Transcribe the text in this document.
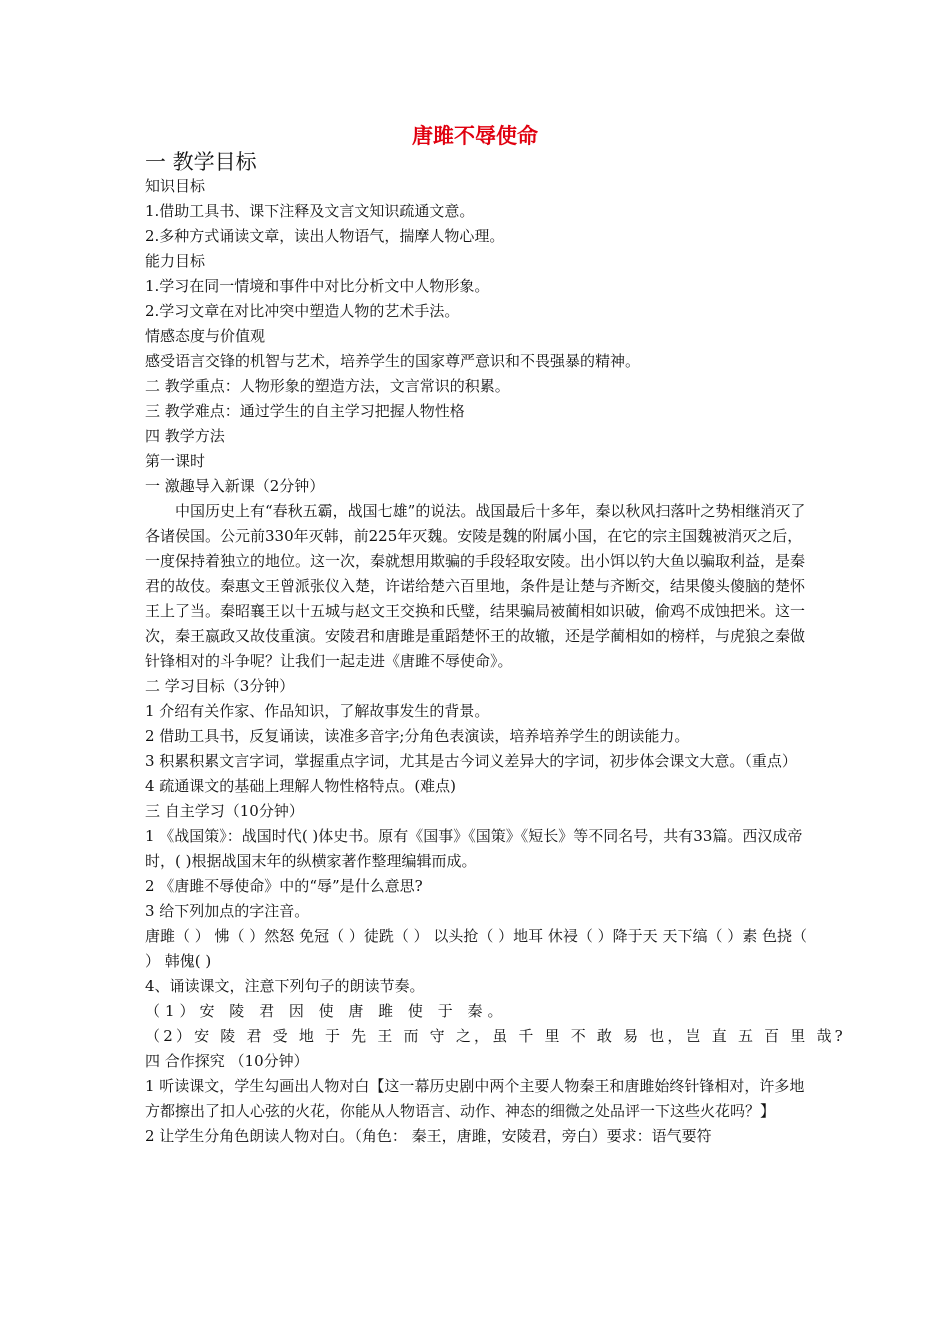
唐雎不辱使命
一 教学目标

知识目标

1.借助工具书、课下注释及文言文知识疏通文意。

2.多种方式诵读文章，读出人物语气，揣摩人物心理。

能力目标

1.学习在同一情境和事件中对比分析文中人物形象。

2.学习文章在对比冲突中塑造人物的艺术手法。

情感态度与价值观

感受语言交锋的机智与艺术，培养学生的国家尊严意识和不畏强暴的精神。

二 教学重点：人物形象的塑造方法，文言常识的积累。

三 教学难点：通过学生的自主学习把握人物性格

四 教学方法

第一课时

一 激趣导入新课（2分钟）

中国历史上有“春秋五霸，战国七雄”的说法。战国最后十多年，秦以秋风扫落叶之势相继消灭了各诸侯国。公元前330年灭韩，前225年灭魏。安陵是魏的附属小国，在它的宗主国魏被消灭之后，一度保持着独立的地位。这一次，秦就想用欺骗的手段轻取安陵。出小饵以钓大鱼以骗取利益，是秦君的故伎。秦惠文王曾派张仪入楚，许诺给楚六百里地，条件是让楚与齐断交，结果傻头傻脑的楚怀王上了当。秦昭襄王以十五城与赵文王交换和氏璧，结果骗局被蔺相如识破，偷鸡不成蚀把米。这一次，秦王嬴政又故伎重演。安陵君和唐雎是重蹈楚怀王的故辙，还是学蔺相如的榜样，与虎狼之秦做针锋相对的斗争呢？让我们一起走进《唐雎不辱使命》。

二 学习目标（3分钟）

1 介绍有关作家、作品知识，了解故事发生的背景。

2 借助工具书，反复诵读，读准多音字;分角色表演读，培养培养学生的朗读能力。

3 积累积累文言字词，掌握重点字词，尤其是古今词义差异大的字词，初步体会课文大意。（重点）

4 疏通课文的基础上理解人物性格特点。(难点)

三 自主学习（10分钟）

1 《战国策》：战国时代( )体史书。原有《国事》《国策》《短长》等不同名号，共有33篇。西汉成帝时，( )根据战国末年的纵横家著作整理编辑而成。

2 《唐雎不辱使命》中的“辱”是什么意思?

3 给下列加点的字注音。

唐雎（ ） 怫（ ）然怒 免冠（ ）徒跣（ ） 以头抢（ ）地耳 休祲（ ）降于天 天下缟（ ）素 色挠（ ） 韩傀( )

4、诵读课文，注意下列句子的朗读节奏。

（1）安 陵 君 因 使 唐 雎 使 于 秦。

（2）安 陵 君 受 地 于 先 王 而 守 之，虽 千 里 不 敢 易 也，岂 直 五 百 里 哉?

四 合作探究 （10分钟）

1 听读课文，学生勾画出人物对白【这一幕历史剧中两个主要人物秦王和唐雎始终针锋相对，许多地方都擦出了扣人心弦的火花，你能从人物语言、动作、神态的细微之处品评一下这些火花吗？】

2 让学生分角色朗读人物对白。（角色： 秦王，唐雎，安陵君，旁白）要求：语气要符
